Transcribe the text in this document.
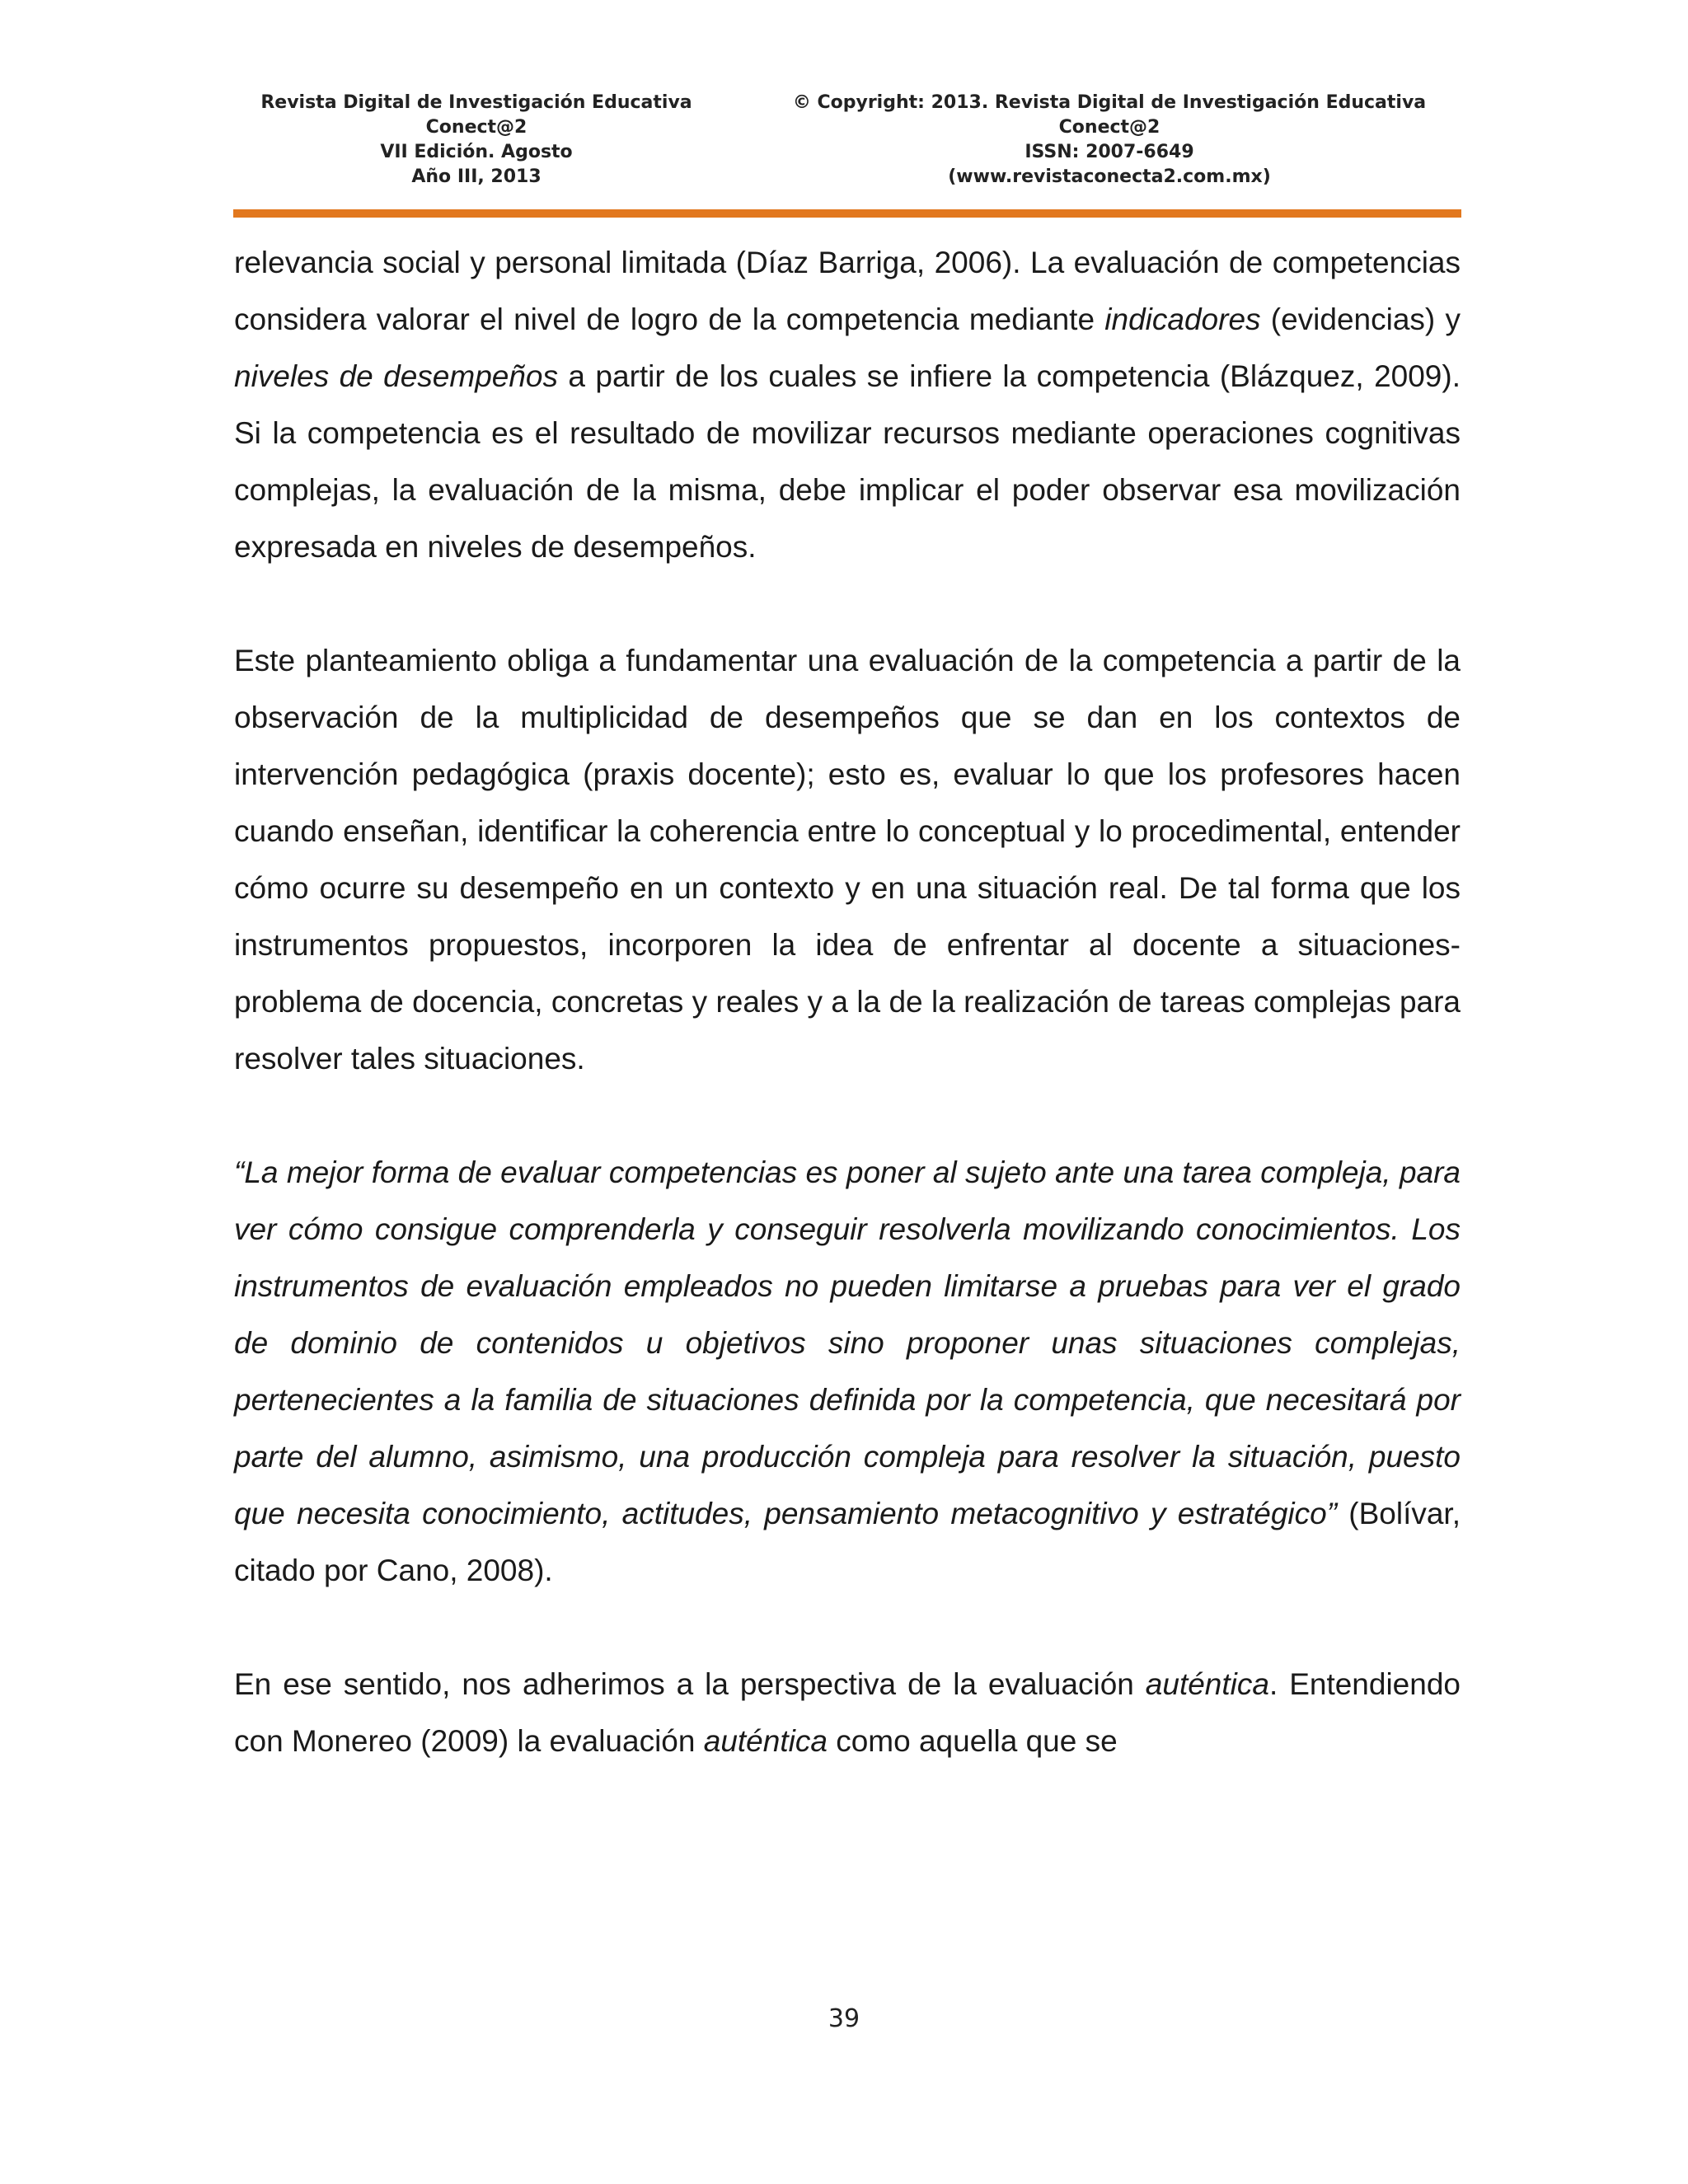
Revista Digital de Investigación Educativa
Conect@2
VII Edición. Agosto
Año III, 2013
© Copyright: 2013. Revista Digital de Investigación Educativa
Conect@2
ISSN: 2007-6649
(www.revistaconecta2.com.mx)

relevancia social y personal limitada (Díaz Barriga, 2006). La evaluación de competencias considera valorar el nivel de logro de la competencia mediante indicadores (evidencias) y niveles de desempeños a partir de los cuales se infiere la competencia (Blázquez, 2009). Si la competencia es el resultado de movilizar recursos mediante operaciones cognitivas complejas, la evaluación de la misma, debe implicar el poder observar esa movilización expresada en niveles de desempeños.

Este planteamiento obliga a fundamentar una evaluación de la competencia a partir de la observación de la multiplicidad de desempeños que se dan en los contextos de intervención pedagógica (praxis docente); esto es, evaluar lo que los profesores hacen cuando enseñan, identificar la coherencia entre lo conceptual y lo procedimental, entender cómo ocurre su desempeño en un contexto y en una situación real. De tal forma que los instrumentos propuestos, incorporen la idea de enfrentar al docente a situaciones-problema de docencia, concretas y reales y a la de la realización de tareas complejas para resolver tales situaciones.

“La mejor forma de evaluar competencias es poner al sujeto ante una tarea compleja, para ver cómo consigue comprenderla y conseguir resolverla movilizando conocimientos. Los instrumentos de evaluación empleados no pueden limitarse a pruebas para ver el grado de dominio de contenidos u objetivos sino proponer unas situaciones complejas, pertenecientes a la familia de situaciones definida por la competencia, que necesitará por parte del alumno, asimismo, una producción compleja para resolver la situación, puesto que necesita conocimiento, actitudes, pensamiento metacognitivo y estratégico” (Bolívar, citado por Cano, 2008).

En ese sentido, nos adherimos a la perspectiva de la evaluación auténtica. Entendiendo con Monereo (2009) la evaluación auténtica como aquella que se

39
